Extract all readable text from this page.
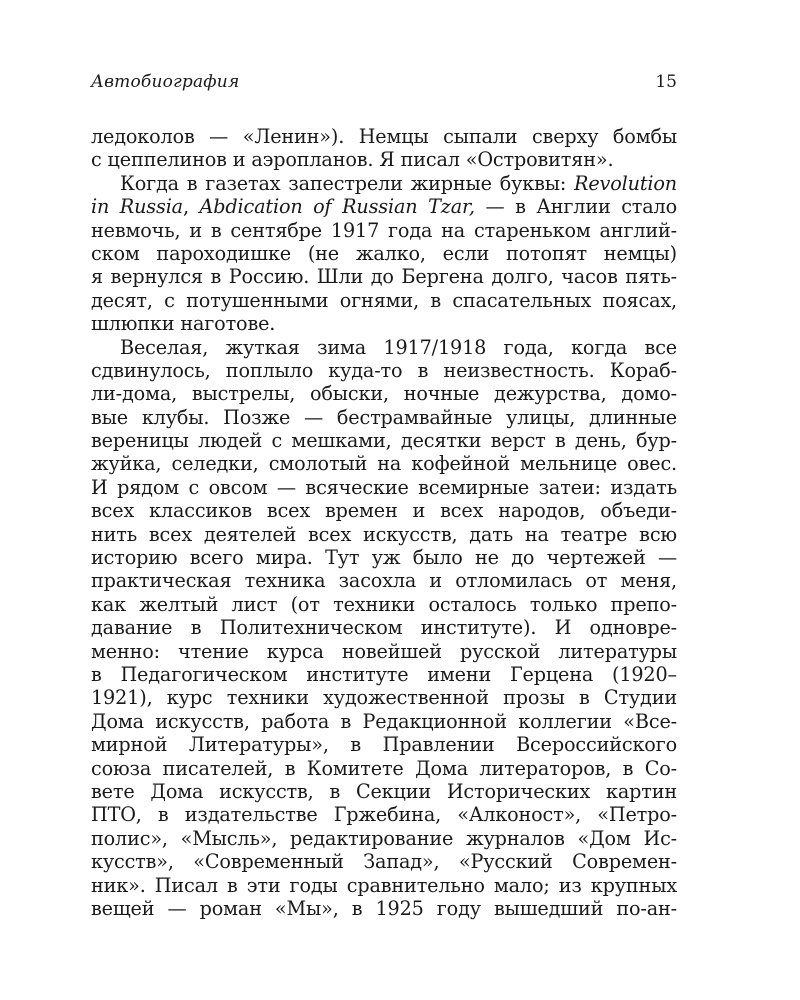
Автобиография	15
ледоколов — «Ленин»). Немцы сыпали сверху бомбы
с цеппелинов и аэропланов. Я писал «Островитян».
Когда в газетах запестрели жирные буквы: Revolution
in Russia, Abdication of Russian Tzar, — в Англии стало
невмочь, и в сентябре 1917 года на стареньком англий-
ском пароходишке (не жалко, если потопят немцы)
я вернулся в Россию. Шли до Бергена долго, часов пять-
десят, с потушенными огнями, в спасательных поясах,
шлюпки наготове.
Веселая, жуткая зима 1917/1918 года, когда все
сдвинулось, поплыло куда-то в неизвестность. Кораб-
ли-дома, выстрелы, обыски, ночные дежурства, домо-
вые клубы. Позже — бестрамвайные улицы, длинные
вереницы людей с мешками, десятки верст в день, бур-
жуйка, селедки, смолотый на кофейной мельнице овес.
И рядом с овсом — всяческие всемирные затеи: издать
всех классиков всех времен и всех народов, объеди-
нить всех деятелей всех искусств, дать на театре всю
историю всего мира. Тут уж было не до чертежей —
практическая техника засохла и отломилась от меня,
как желтый лист (от техники осталось только препо-
давание в Политехническом институте). И одновре-
менно: чтение курса новейшей русской литературы
в Педагогическом институте имени Герцена (1920–
1921), курс техники художественной прозы в Студии
Дома искусств, работа в Редакционной коллегии «Все-
мирной Литературы», в Правлении Всероссийского
союза писателей, в Комитете Дома литераторов, в Со-
вете Дома искусств, в Секции Исторических картин
ПТО, в издательстве Гржебина, «Алконост», «Петро-
полис», «Мысль», редактирование журналов «Дом Ис-
кусств», «Современный Запад», «Русский Современ-
ник». Писал в эти годы сравнительно мало; из крупных
вещей — роман «Мы», в 1925 году вышедший по-ан-
